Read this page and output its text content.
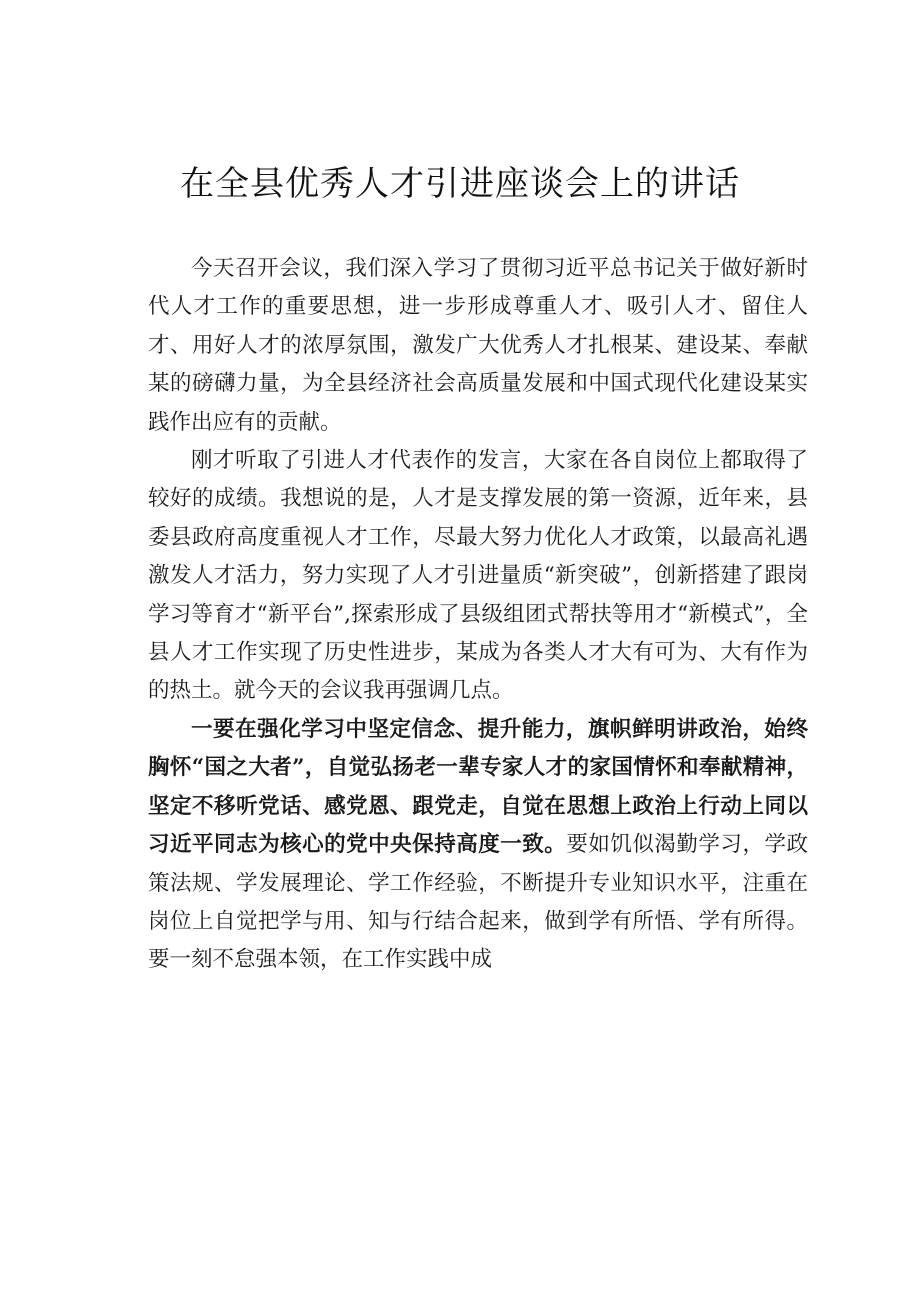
在全县优秀人才引进座谈会上的讲话

今天召开会议，我们深入学习了贯彻习近平总书记关于做好新时代人才工作的重要思想，进一步形成尊重人才、吸引人才、留住人才、用好人才的浓厚氛围，激发广大优秀人才扎根某、建设某、奉献某的磅礴力量，为全县经济社会高质量发展和中国式现代化建设某实践作出应有的贡献。

刚才听取了引进人才代表作的发言，大家在各自岗位上都取得了较好的成绩。我想说的是，人才是支撑发展的第一资源，近年来，县委县政府高度重视人才工作，尽最大努力优化人才政策，以最高礼遇激发人才活力，努力实现了人才引进量质“新突破”，创新搭建了跟岗学习等育才“新平台”,探索形成了县级组团式帮扶等用才“新模式”，全县人才工作实现了历史性进步，某成为各类人才大有可为、大有作为的热土。就今天的会议我再强调几点。

一要在强化学习中坚定信念、提升能力，旗帜鲜明讲政治，始终胸怀“国之大者”，自觉弘扬老一辈专家人才的家国情怀和奉献精神，坚定不移听党话、感党恩、跟党走，自觉在思想上政治上行动上同以习近平同志为核心的党中央保持高度一致。要如饥似渴勤学习，学政策法规、学发展理论、学工作经验，不断提升专业知识水平，注重在岗位上自觉把学与用、知与行结合起来，做到学有所悟、学有所得。要一刻不怠强本领，在工作实践中成
